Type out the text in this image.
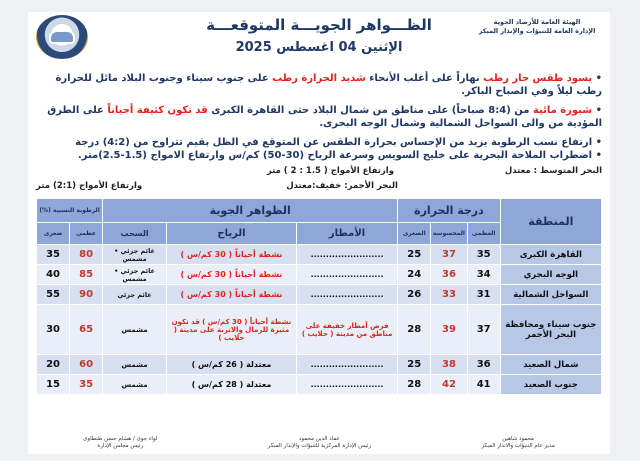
الهيئة العامة للأرصاد الجوية
الإدارة العامة للتنبؤات والإنذار المبكر
الظـــواهر الجويـــة المتوقعـــة
الإثنين 04 اغسطس 2025
• يسود طقس حار رطب نهاراً على أغلب الأنحاء شديد الحرارة رطب على جنوب سيناء وجنوب البلاد مائل للحرارة رطب ليلاً وفي الصباح الباكر.
• شبورة مائية من (8:4 صباحاً) على مناطق من شمال البلاد حتى القاهرة الكبرى قد تكون كثيفة أحياناً على الطرق المؤدية من والى السواحل الشمالية وشمال الوجه البحرى.
• ارتفاع نسب الرطوبة يزيد من الإحساس بحرارة الطقس عن المتوقع في الظل بقيم تتراوح من (4:2) درجة
• اضطراب الملاحة البحرية على خليج السويس وسرعة الرياح (30-50) كم/س وارتفاع الامواج (1.5-2.5)متر.
البحر المتوسط : معتدل
وارتفاع الأمواج ( 1.5 : 2 ) متر
البحر الأحمر: خفيف:معتدل
وارتفاع الأمواج (2:1) متر
المنطقة	درجة الحرارة			الظواهر الجوية			الرطوبة النسبية (%)	
	العظمى	المحسوسة	الصغرى	الأمطار	الرياح	السحب	عظمى	صغرى
القاهرة الكبرى	35	37	25	........................	نشطة أحياناً ( 30 كم/س )	غائم جزئي • مشمس	80	35
الوجه البحري	34	36	24	........................	نشطة أحياناً ( 30 كم/س )	غائم جزئي • مشمس	85	40
السواحل الشمالية	31	33	26	........................	نشطة أحياناً ( 30 كم/س )	غائم جزئي	90	55
جنوب سيناء ومحافظة البحر الأحمر	37	39	28	فرص أمطار خفيفة على مناطق من مدينة ( حلايب )	نشطة أحياناً ( 30 كم/س ) قد تكون مثيرة للرمال والاتربة على مدينة ( حلايب )	مشمس	65	30
شمال الصعيد	36	38	25	........................	معتدلة ( 26 كم/س )	مشمس	60	20
جنوب الصعيد	41	42	28	........................	معتدلة ( 28 كم/س )	مشمس	35	15
محمود شاهين
مدير عام التنبؤات والانذار المبكر
عماد الدين محمود
رئيس الإدارة المركزية للتنبؤات والإنذار المبكر
لواء جوى / هشام حسن طنطاوى
رئيس مجلس الإدارة
